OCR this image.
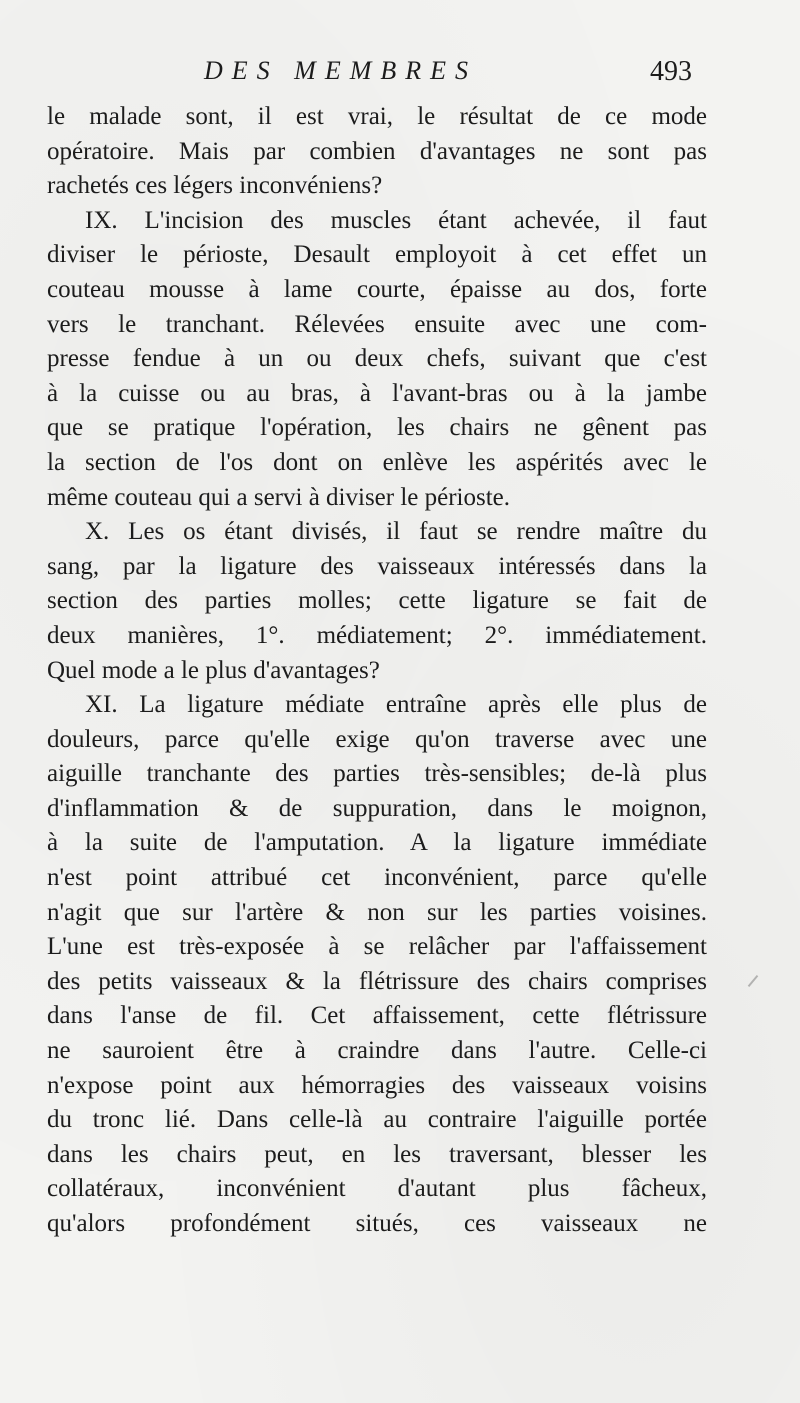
DES MEMBRES	493
le malade sont, il est vrai, le résultat de ce mode
opératoire. Mais par combien d'avantages ne sont pas
rachetés ces légers inconvéniens?
IX. L'incision des muscles étant achevée, il faut
diviser le périoste, Desault employoit à cet effet un
couteau mousse à lame courte, épaisse au dos, forte
vers le tranchant. Rélevées ensuite avec une com-
presse fendue à un ou deux chefs, suivant que c'est
à la cuisse ou au bras, à l'avant-bras ou à la jambe
que se pratique l'opération, les chairs ne gênent pas
la section de l'os dont on enlève les aspérités avec le
même couteau qui a servi à diviser le périoste.
X. Les os étant divisés, il faut se rendre maître du
sang, par la ligature des vaisseaux intéressés dans la
section des parties molles; cette ligature se fait de
deux manières, 1°. médiatement; 2°. immédiatement.
Quel mode a le plus d'avantages?
XI. La ligature médiate entraîne après elle plus de
douleurs, parce qu'elle exige qu'on traverse avec une
aiguille tranchante des parties très-sensibles; de-là plus
d'inflammation & de suppuration, dans le moignon,
à la suite de l'amputation. A la ligature immédiate
n'est point attribué cet inconvénient, parce qu'elle
n'agit que sur l'artère & non sur les parties voisines.
L'une est très-exposée à se relâcher par l'affaissement
des petits vaisseaux & la flétrissure des chairs comprises
dans l'anse de fil. Cet affaissement, cette flétrissure
ne sauroient être à craindre dans l'autre. Celle-ci
n'expose point aux hémorragies des vaisseaux voisins
du tronc lié. Dans celle-là au contraire l'aiguille portée
dans les chairs peut, en les traversant, blesser les
collatéraux, inconvénient d'autant plus fâcheux,
qu'alors profondément situés, ces vaisseaux ne
